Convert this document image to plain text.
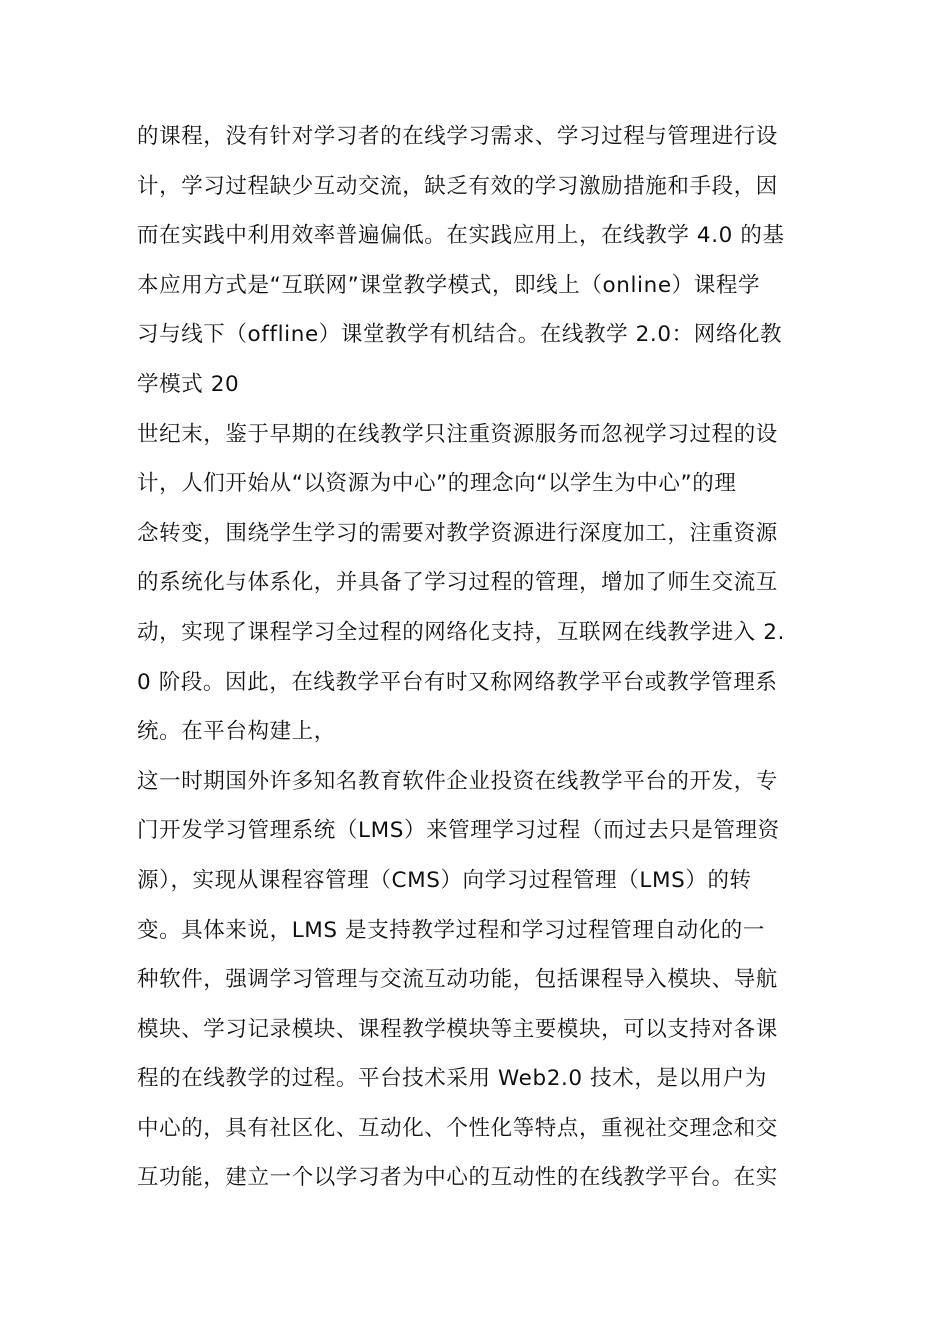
的课程，没有针对学习者的在线学习需求、学习过程与管理进行设
计，学习过程缺少互动交流，缺乏有效的学习激励措施和手段，因
而在实践中利用效率普遍偏低。在实践应用上，在线教学 4.0 的基
本应用方式是“互联网”课堂教学模式，即线上（online）课程学
习与线下（offline）课堂教学有机结合。在线教学 2.0：网络化教
学模式 20
世纪末，鉴于早期的在线教学只注重资源服务而忽视学习过程的设
计，人们开始从“以资源为中心”的理念向“以学生为中心”的理
念转变，围绕学生学习的需要对教学资源进行深度加工，注重资源
的系统化与体系化，并具备了学习过程的管理，增加了师生交流互
动，实现了课程学习全过程的网络化支持，互联网在线教学进入 2.
0 阶段。因此，在线教学平台有时又称网络教学平台或教学管理系
统。在平台构建上，
这一时期国外许多知名教育软件企业投资在线教学平台的开发，专
门开发学习管理系统（LMS）来管理学习过程（而过去只是管理资
源），实现从课程容管理（CMS）向学习过程管理（LMS）的转
变。具体来说，LMS 是支持教学过程和学习过程管理自动化的一
种软件，强调学习管理与交流互动功能，包括课程导入模块、导航
模块、学习记录模块、课程教学模块等主要模块，可以支持对各课
程的在线教学的过程。平台技术采用 Web2.0 技术，是以用户为
中心的，具有社区化、互动化、个性化等特点，重视社交理念和交
互功能，建立一个以学习者为中心的互动性的在线教学平台。在实
